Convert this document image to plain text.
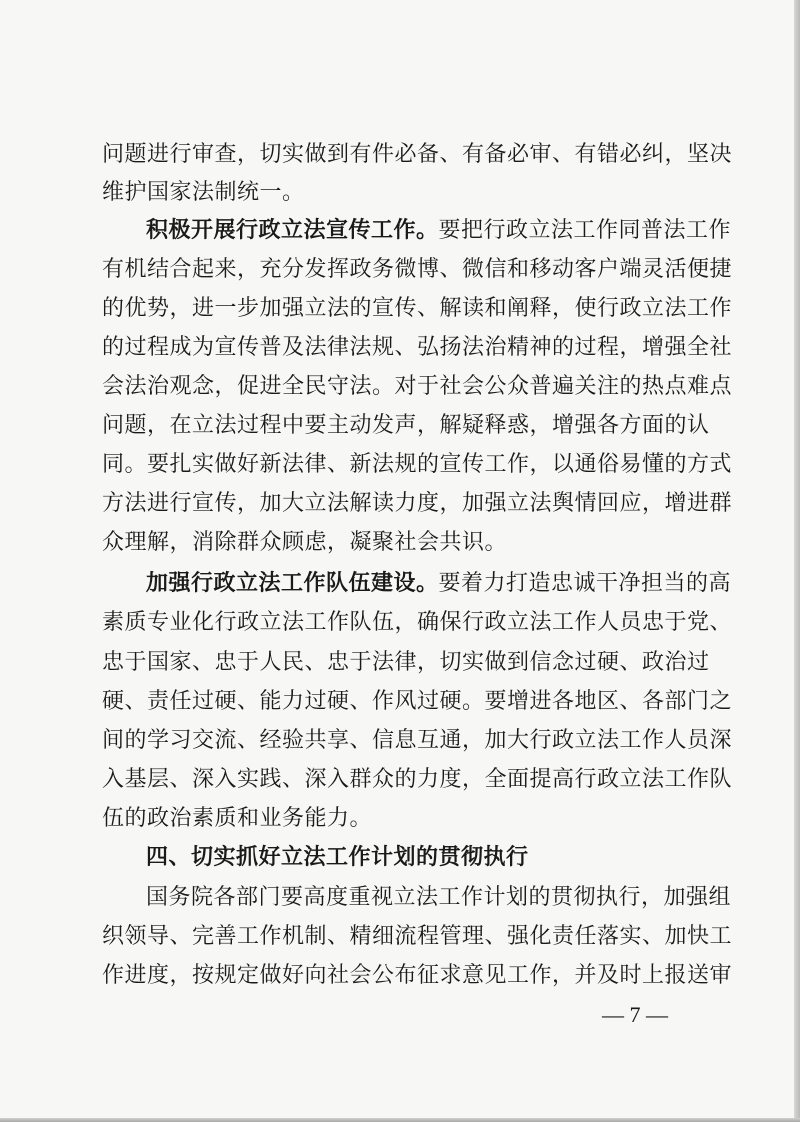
问题进行审查，切实做到有件必备、有备必审、有错必纠，坚决
维护国家法制统一。
积极开展行政立法宣传工作。要把行政立法工作同普法工作
有机结合起来，充分发挥政务微博、微信和移动客户端灵活便捷
的优势，进一步加强立法的宣传、解读和阐释，使行政立法工作
的过程成为宣传普及法律法规、弘扬法治精神的过程，增强全社
会法治观念，促进全民守法。对于社会公众普遍关注的热点难点
问题，在立法过程中要主动发声，解疑释惑，增强各方面的认
同。要扎实做好新法律、新法规的宣传工作，以通俗易懂的方式
方法进行宣传，加大立法解读力度，加强立法舆情回应，增进群
众理解，消除群众顾虑，凝聚社会共识。
加强行政立法工作队伍建设。要着力打造忠诚干净担当的高
素质专业化行政立法工作队伍，确保行政立法工作人员忠于党、
忠于国家、忠于人民、忠于法律，切实做到信念过硬、政治过
硬、责任过硬、能力过硬、作风过硬。要增进各地区、各部门之
间的学习交流、经验共享、信息互通，加大行政立法工作人员深
入基层、深入实践、深入群众的力度，全面提高行政立法工作队
伍的政治素质和业务能力。
四、切实抓好立法工作计划的贯彻执行
国务院各部门要高度重视立法工作计划的贯彻执行，加强组
织领导、完善工作机制、精细流程管理、强化责任落实、加快工
作进度，按规定做好向社会公布征求意见工作，并及时上报送审
— 7 —
